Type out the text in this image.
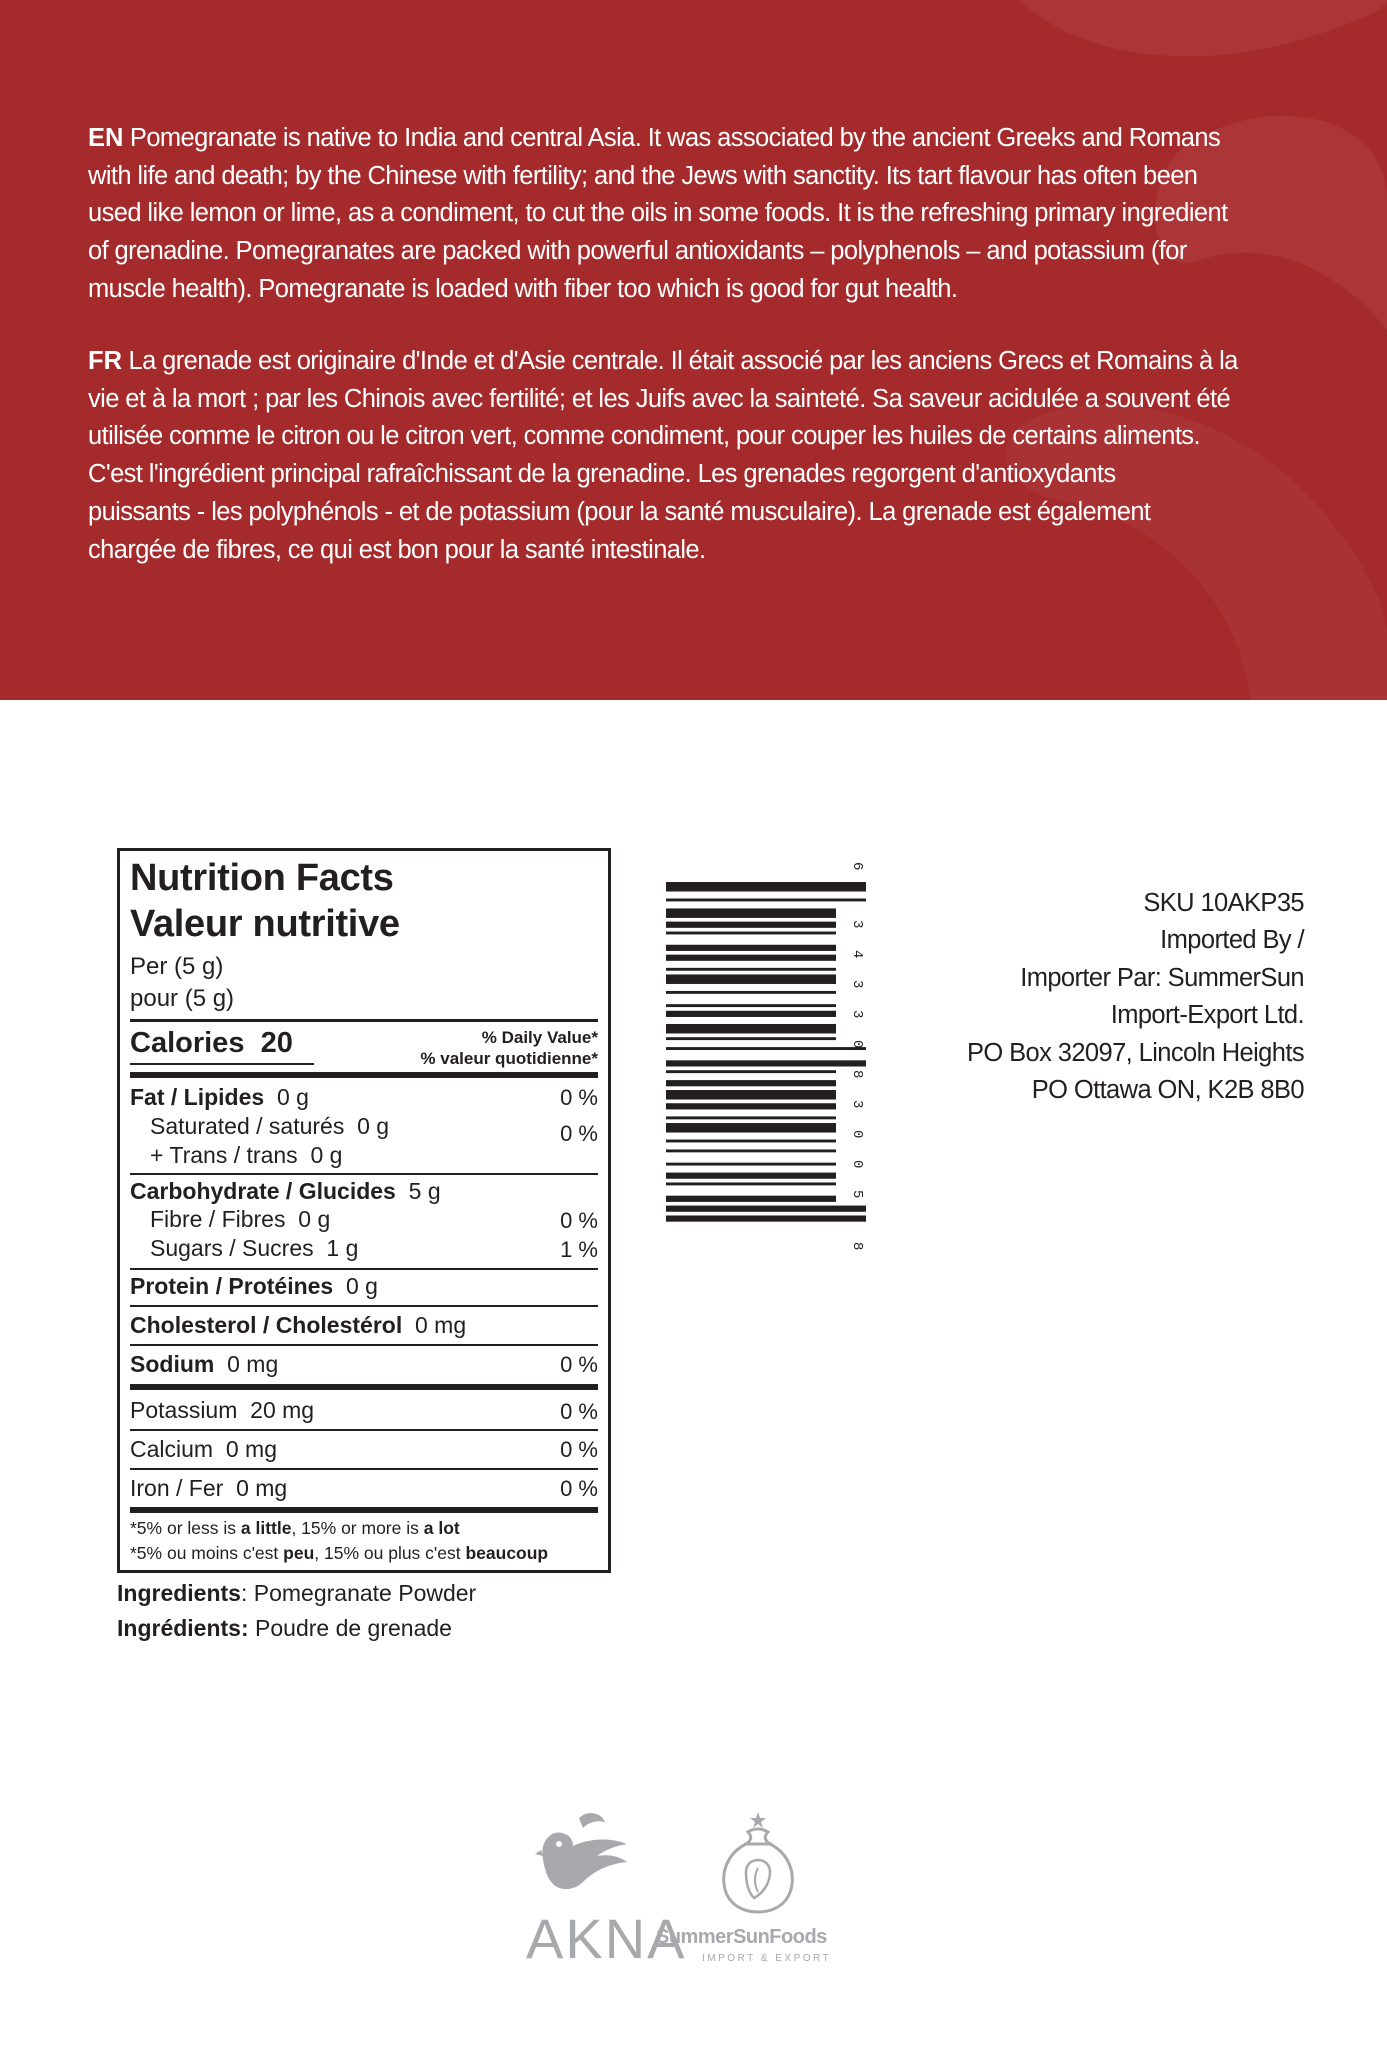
EN Pomegranate is native to India and central Asia. It was associated by the ancient Greeks and Romans
with life and death; by the Chinese with fertility; and the Jews with sanctity. Its tart flavour has often been
used like lemon or lime, as a condiment, to cut the oils in some foods. It is the refreshing primary ingredient
of grenadine. Pomegranates are packed with powerful antioxidants – polyphenols – and potassium (for
muscle health). Pomegranate is loaded with fiber too which is good for gut health.
FR La grenade est originaire d'Inde et d'Asie centrale. Il était associé par les anciens Grecs et Romains à la
vie et à la mort ; par les Chinois avec fertilité; et les Juifs avec la sainteté. Sa saveur acidulée a souvent été
utilisée comme le citron ou le citron vert, comme condiment, pour couper les huiles de certains aliments.
C'est l'ingrédient principal rafraîchissant de la grenadine. Les grenades regorgent d'antioxydants
puissants - les polyphénols - et de potassium (pour la santé musculaire). La grenade est également
chargée de fibres, ce qui est bon pour la santé intestinale.
Nutrition Facts
Valeur nutritive
Per (5 g)
pour (5 g)
Calories 20	% Daily Value*
% valeur quotidienne*
Fat / Lipides 0 g	0 %
Saturated / saturés 0 g	0 %
+ Trans / trans 0 g
Carbohydrate / Glucides 5 g
Fibre / Fibres 0 g	0 %
Sugars / Sucres 1 g	1 %
Protein / Protéines 0 g
Cholesterol / Cholestérol 0 mg
Sodium 0 mg	0 %
Potassium 20 mg	0 %
Calcium 0 mg	0 %
Iron / Fer 0 mg	0 %
*5% or less is a little, 15% or more is a lot
*5% ou moins c'est peu, 15% ou plus c'est beaucoup
Ingredients: Pomegranate Powder
Ingrédients: Poudre de grenade
6
8
5
0
0
3
8
0
3
3
4
3
SKU 10AKP35
Imported By /
Importer Par: SummerSun
Import-Export Ltd.
PO Box 32097, Lincoln Heights
PO Ottawa ON, K2B 8B0
AKNA
SummerSunFoods
IMPORT & EXPORT
